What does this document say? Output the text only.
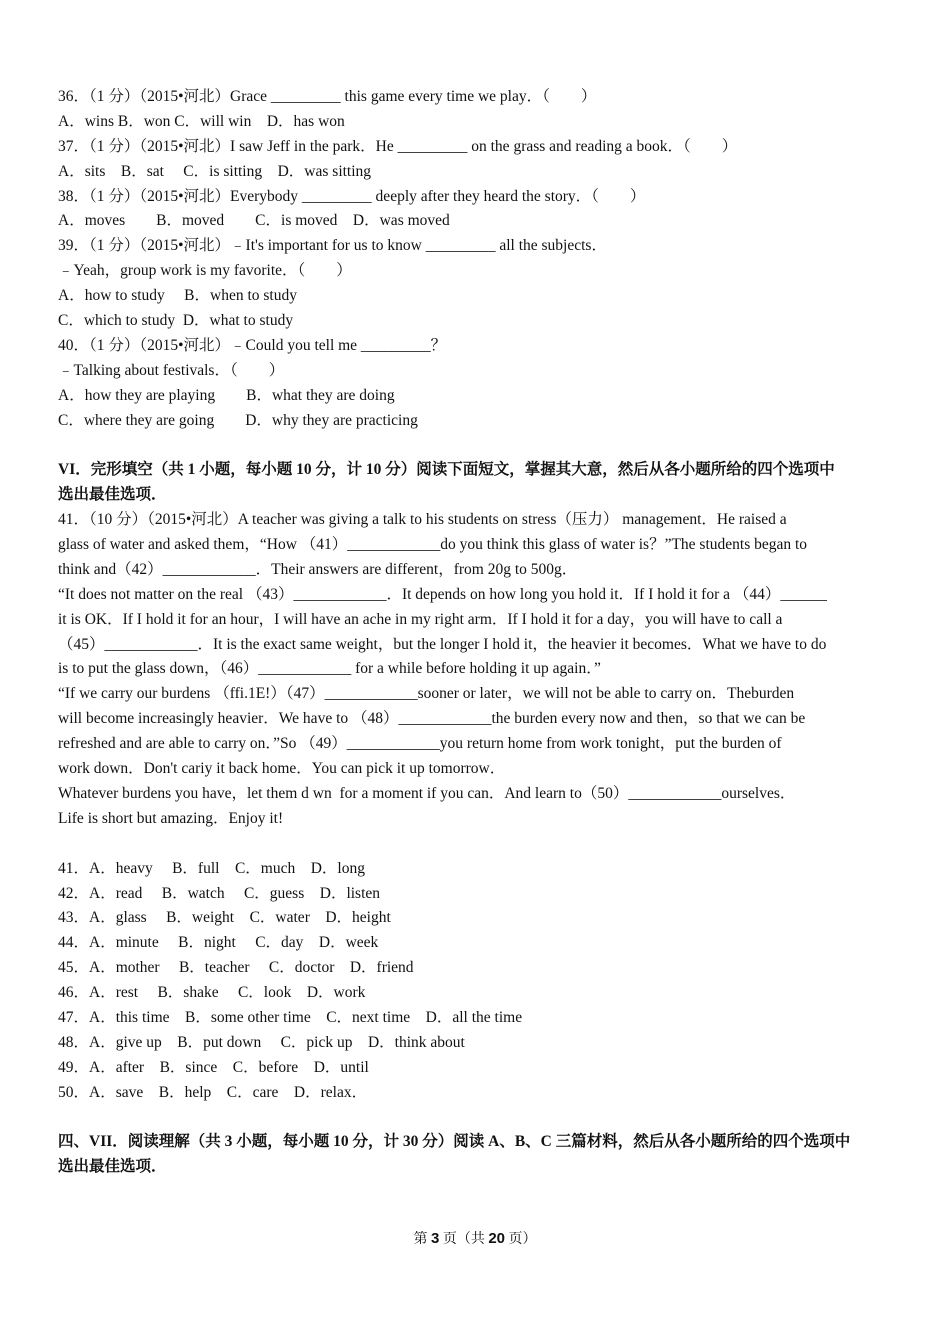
36．（1 分）（2015•河北）Grace _________ this game every time we play．（　　）
A．wins B．won C．will win　D．has won
37．（1 分）（2015•河北）I saw Jeff in the park．He _________ on the grass and reading a book．（　　）
A．sits　B．sat　 C．is sitting　D．was sitting
38．（1 分）（2015•河北）Everybody _________ deeply after they heard the story．（　　）
A．moves　　B．moved　　C．is moved　D．was moved
39．（1 分）（2015•河北）﹣It's important for us to know _________ all the subjects．
﹣Yeah，group work is my favorite．（　　）
A．how to study　 B．when to study
C．which to study  D．what to study
40．（1 分）（2015•河北）﹣Could you tell me _________？
﹣Talking about festivals．（　　）
A．how they are playing　　B．what they are doing
C．where they are going　　D．why they are practicing
VI．完形填空（共 1 小题，每小题 10 分，计 10 分）阅读下面短文，掌握其大意，然后从各小题所给的四个选项中
选出最佳选项．
41．（10 分）（2015•河北）A teacher was giving a talk to his students on stress（压力） management．He raised a
glass of water and asked them，“How （41）____________do you think this glass of water is？”The students began to
think and（42）____________．Their answers are different，from 20g to 500g．
“It does not matter on the real （43）____________．It depends on how long you hold it．If I hold it for a （44）______
it is OK．If I hold it for an hour，I will have an ache in my right arm．If I hold it for a day，you will have to call a
（45）____________．It is the exact same weight，but the longer I hold it，the heavier it becomes．What we have to do
is to put the glass down，（46）____________ for a while before holding it up again．”
“If we carry our burdens （ffi.1E!）（47）____________sooner or later，we will not be able to carry on．Theburden
will become increasingly heavier．We have to （48）____________the burden every now and then，so that we can be
refreshed and are able to carry on．”So （49）____________you return home from work tonight，put the burden of
work down．Don't cariy it back home．You can pick it up tomorrow．
Whatever burdens you have，let them d wn  for a moment if you can．And learn to（50）____________ourselves．
Life is short but amazing．Enjoy it!
41．A．heavy　 B．full　C．much　D．long
42．A．read　 B．watch　 C．guess　D．listen
43．A．glass　 B．weight　C．water　D．height
44．A．minute　 B．night　 C．day　D．week
45．A．mother　 B．teacher　 C．doctor　D．friend
46．A．rest　 B．shake　 C．look　D．work
47．A．this time　B．some other time　C．next time　D．all the time
48．A．give up　B．put down　 C．pick up　D．think about
49．A．after　B．since　C．before　D．until
50．A．save　B．help　C．care　D．relax．
四、VII．阅读理解（共 3 小题，每小题 10 分，计 30 分）阅读 A、B、C 三篇材料，然后从各小题所给的四个选项中
选出最佳选项．
第 3 页（共 20 页）
